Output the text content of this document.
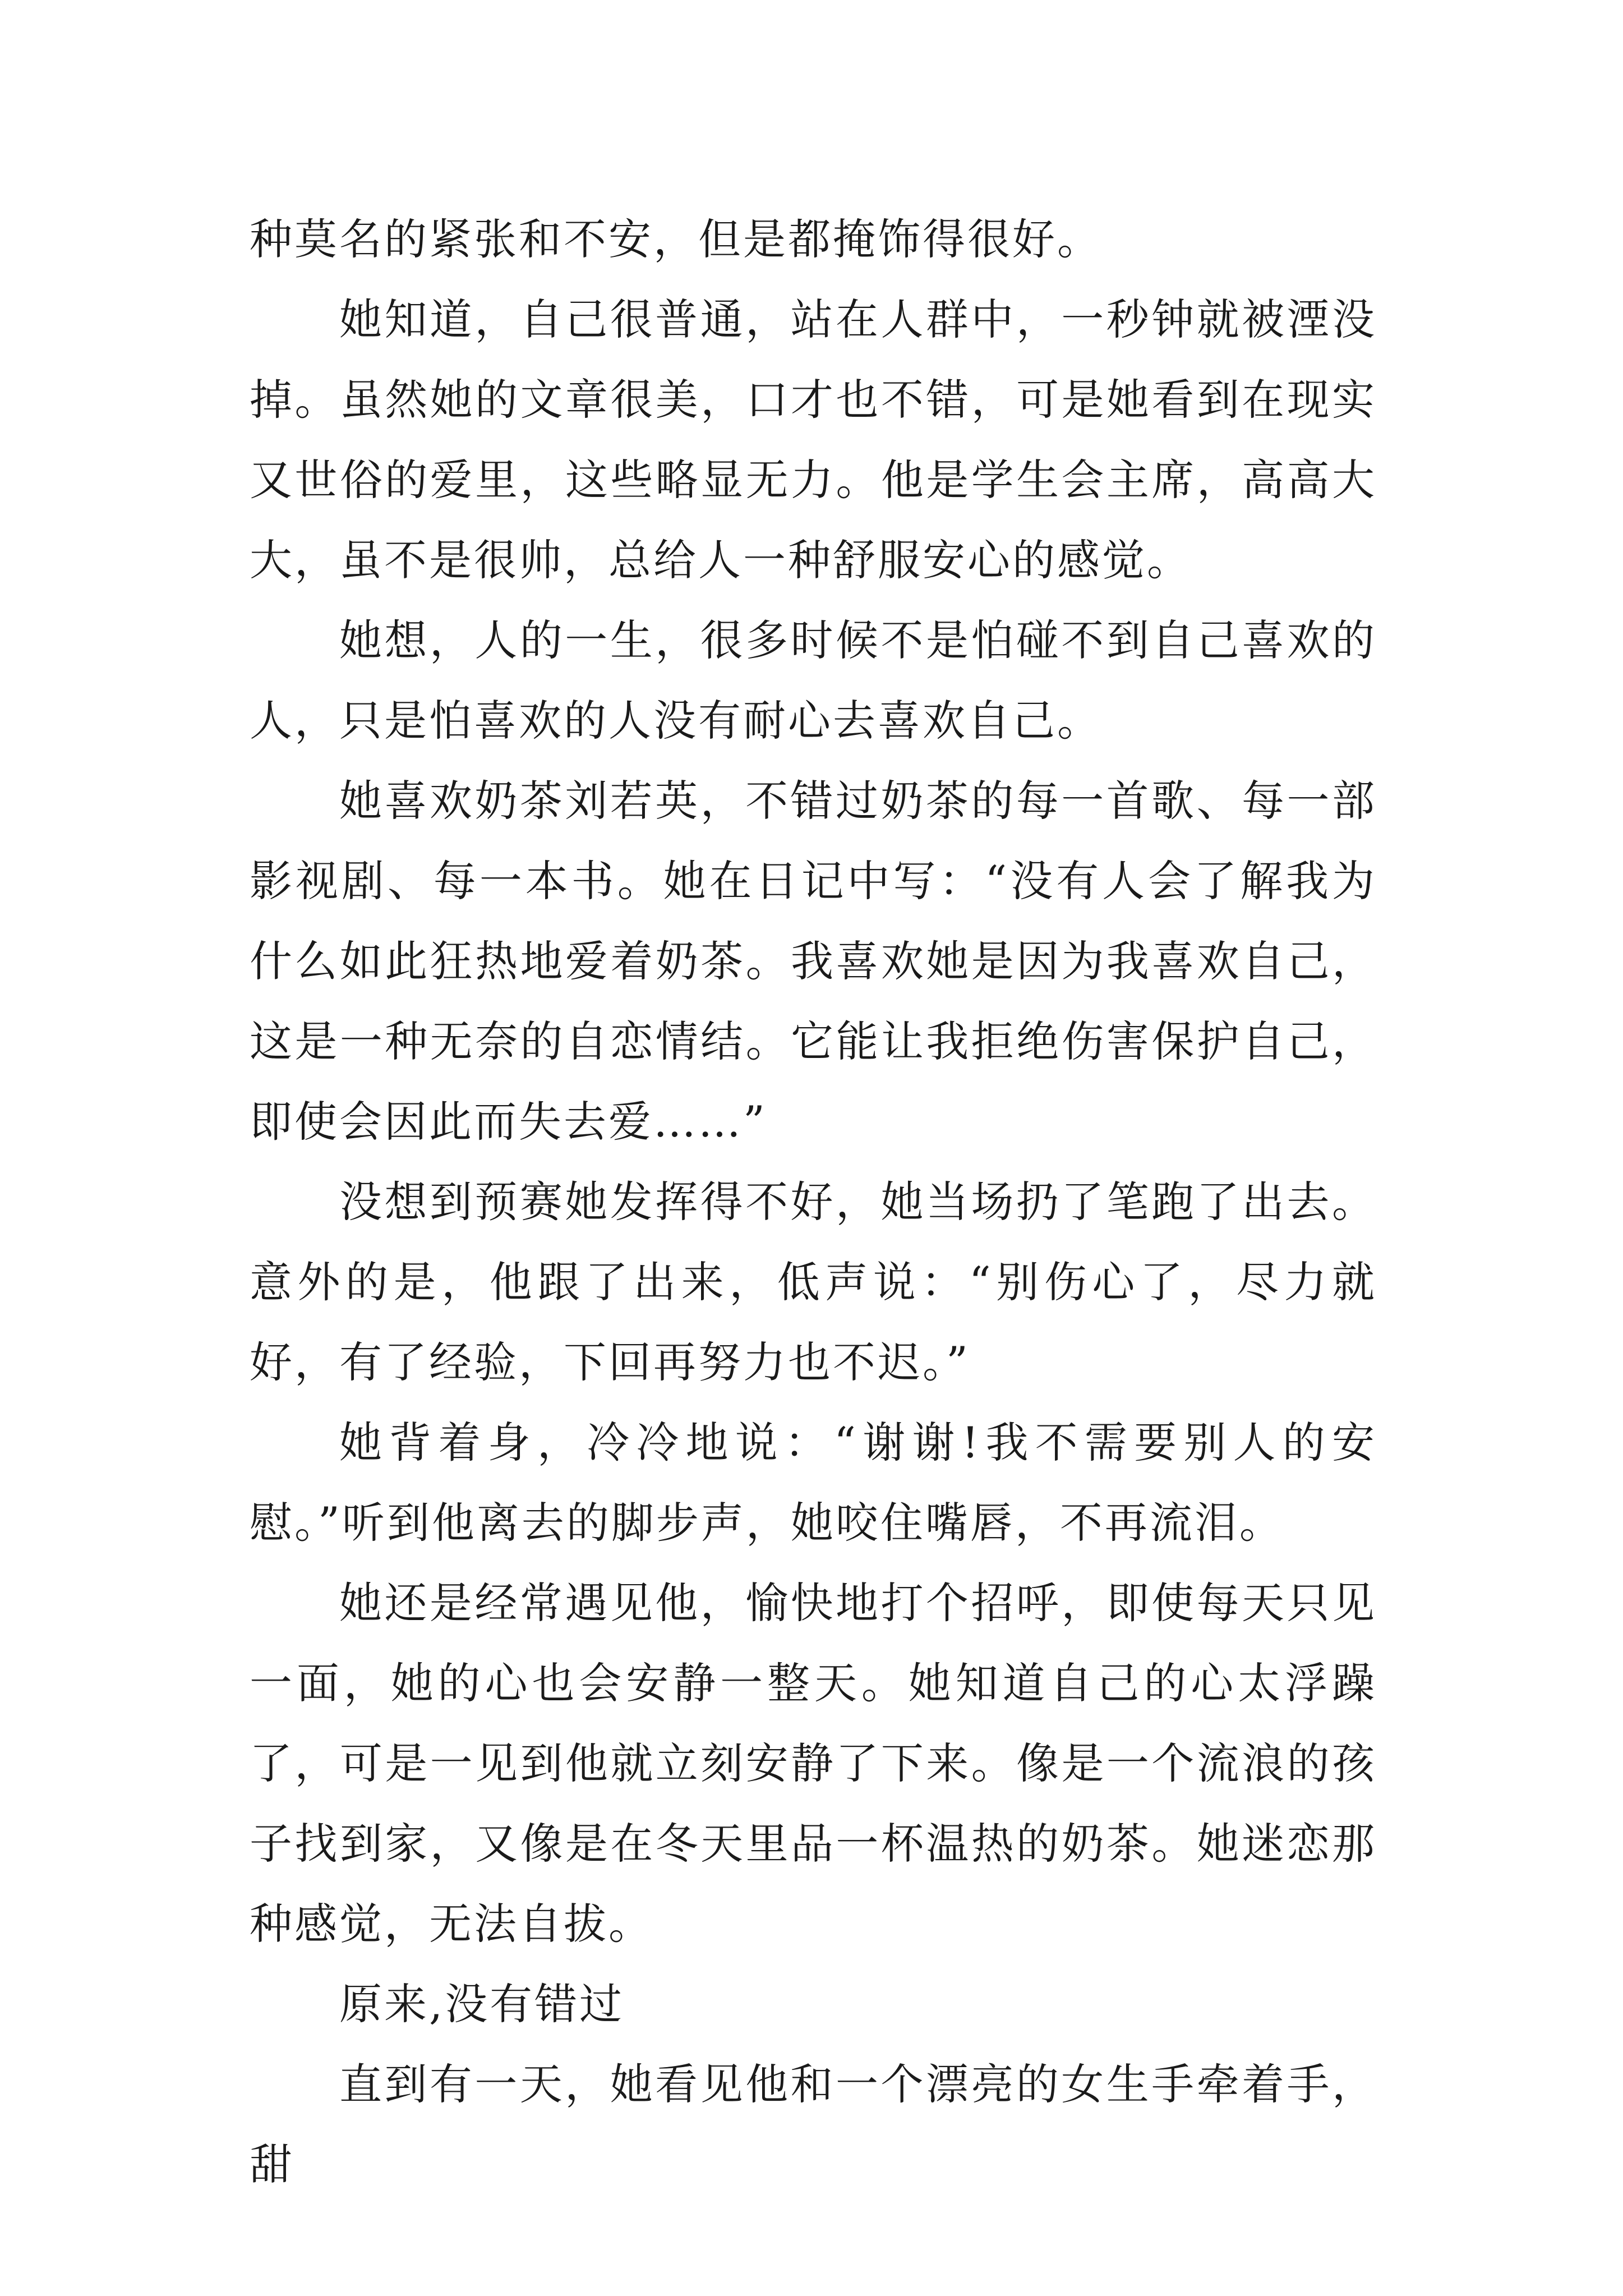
种莫名的紧张和不安，但是都掩饰得很好。

她知道，自己很普通，站在人群中，一秒钟就被湮没掉。虽然她的文章很美，口才也不错，可是她看到在现实又世俗的爱里，这些略显无力。他是学生会主席，高高大大，虽不是很帅，总给人一种舒服安心的感觉。

她想，人的一生，很多时候不是怕碰不到自己喜欢的人，只是怕喜欢的人没有耐心去喜欢自己。

她喜欢奶茶刘若英，不错过奶茶的每一首歌、每一部影视剧、每一本书。她在日记中写：“没有人会了解我为什么如此狂热地爱着奶茶。我喜欢她是因为我喜欢自己，这是一种无奈的自恋情结。它能让我拒绝伤害保护自己，即使会因此而失去爱……”

没想到预赛她发挥得不好，她当场扔了笔跑了出去。意外的是，他跟了出来，低声说：“别伤心了，尽力就好，有了经验，下回再努力也不迟。”

她背着身，冷冷地说：“谢谢!我不需要别人的安慰。”听到他离去的脚步声，她咬住嘴唇，不再流泪。

她还是经常遇见他，愉快地打个招呼，即使每天只见一面，她的心也会安静一整天。她知道自己的心太浮躁了，可是一见到他就立刻安静了下来。像是一个流浪的孩子找到家，又像是在冬天里品一杯温热的奶茶。她迷恋那种感觉，无法自拔。

原来,没有错过

直到有一天，她看见他和一个漂亮的女生手牵着手，甜
